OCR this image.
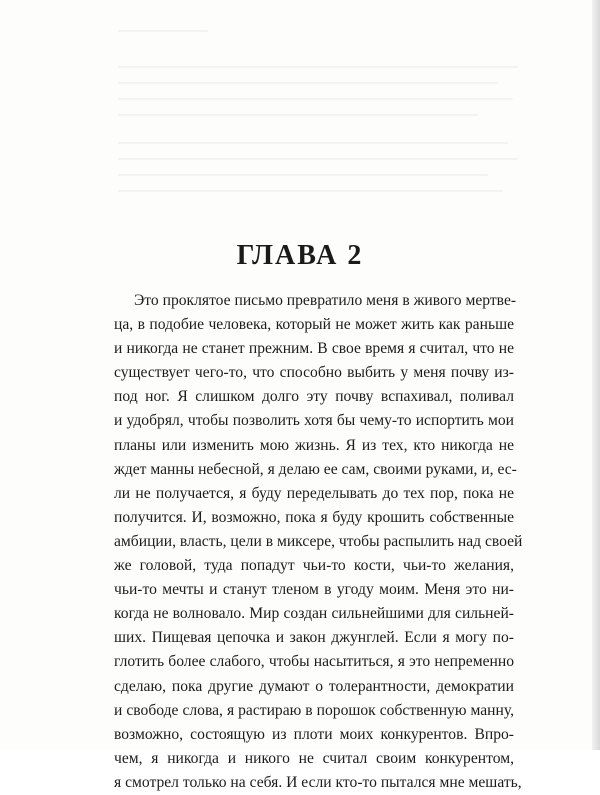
ГЛАВА 2
Это проклятое письмо превратило меня в живого мертве-
ца, в подобие человека, который не может жить как раньше
и никогда не станет прежним. В свое время я считал, что не
существует чего-то, что способно выбить у меня почву из-
под ног. Я слишком долго эту почву вспахивал, поливал
и удобрял, чтобы позволить хотя бы чему-то испортить мои
планы или изменить мою жизнь. Я из тех, кто никогда не
ждет манны небесной, я делаю ее сам, своими руками, и, ес-
ли не получается, я буду переделывать до тех пор, пока не
получится. И, возможно, пока я буду крошить собственные
амбиции, власть, цели в миксере, чтобы распылить над своей
же головой, туда попадут чьи-то кости, чьи-то желания,
чьи-то мечты и станут тленом в угоду моим. Меня это ни-
когда не волновало. Мир создан сильнейшими для сильней-
ших. Пищевая цепочка и закон джунглей. Если я могу по-
глотить более слабого, чтобы насытиться, я это непременно
сделаю, пока другие думают о толерантности, демократии
и свободе слова, я растираю в порошок собственную манну,
возможно, состоящую из плоти моих конкурентов. Впро-
чем, я никогда и никого не считал своим конкурентом,
я смотрел только на себя. И если кто-то пытался мне мешать,
